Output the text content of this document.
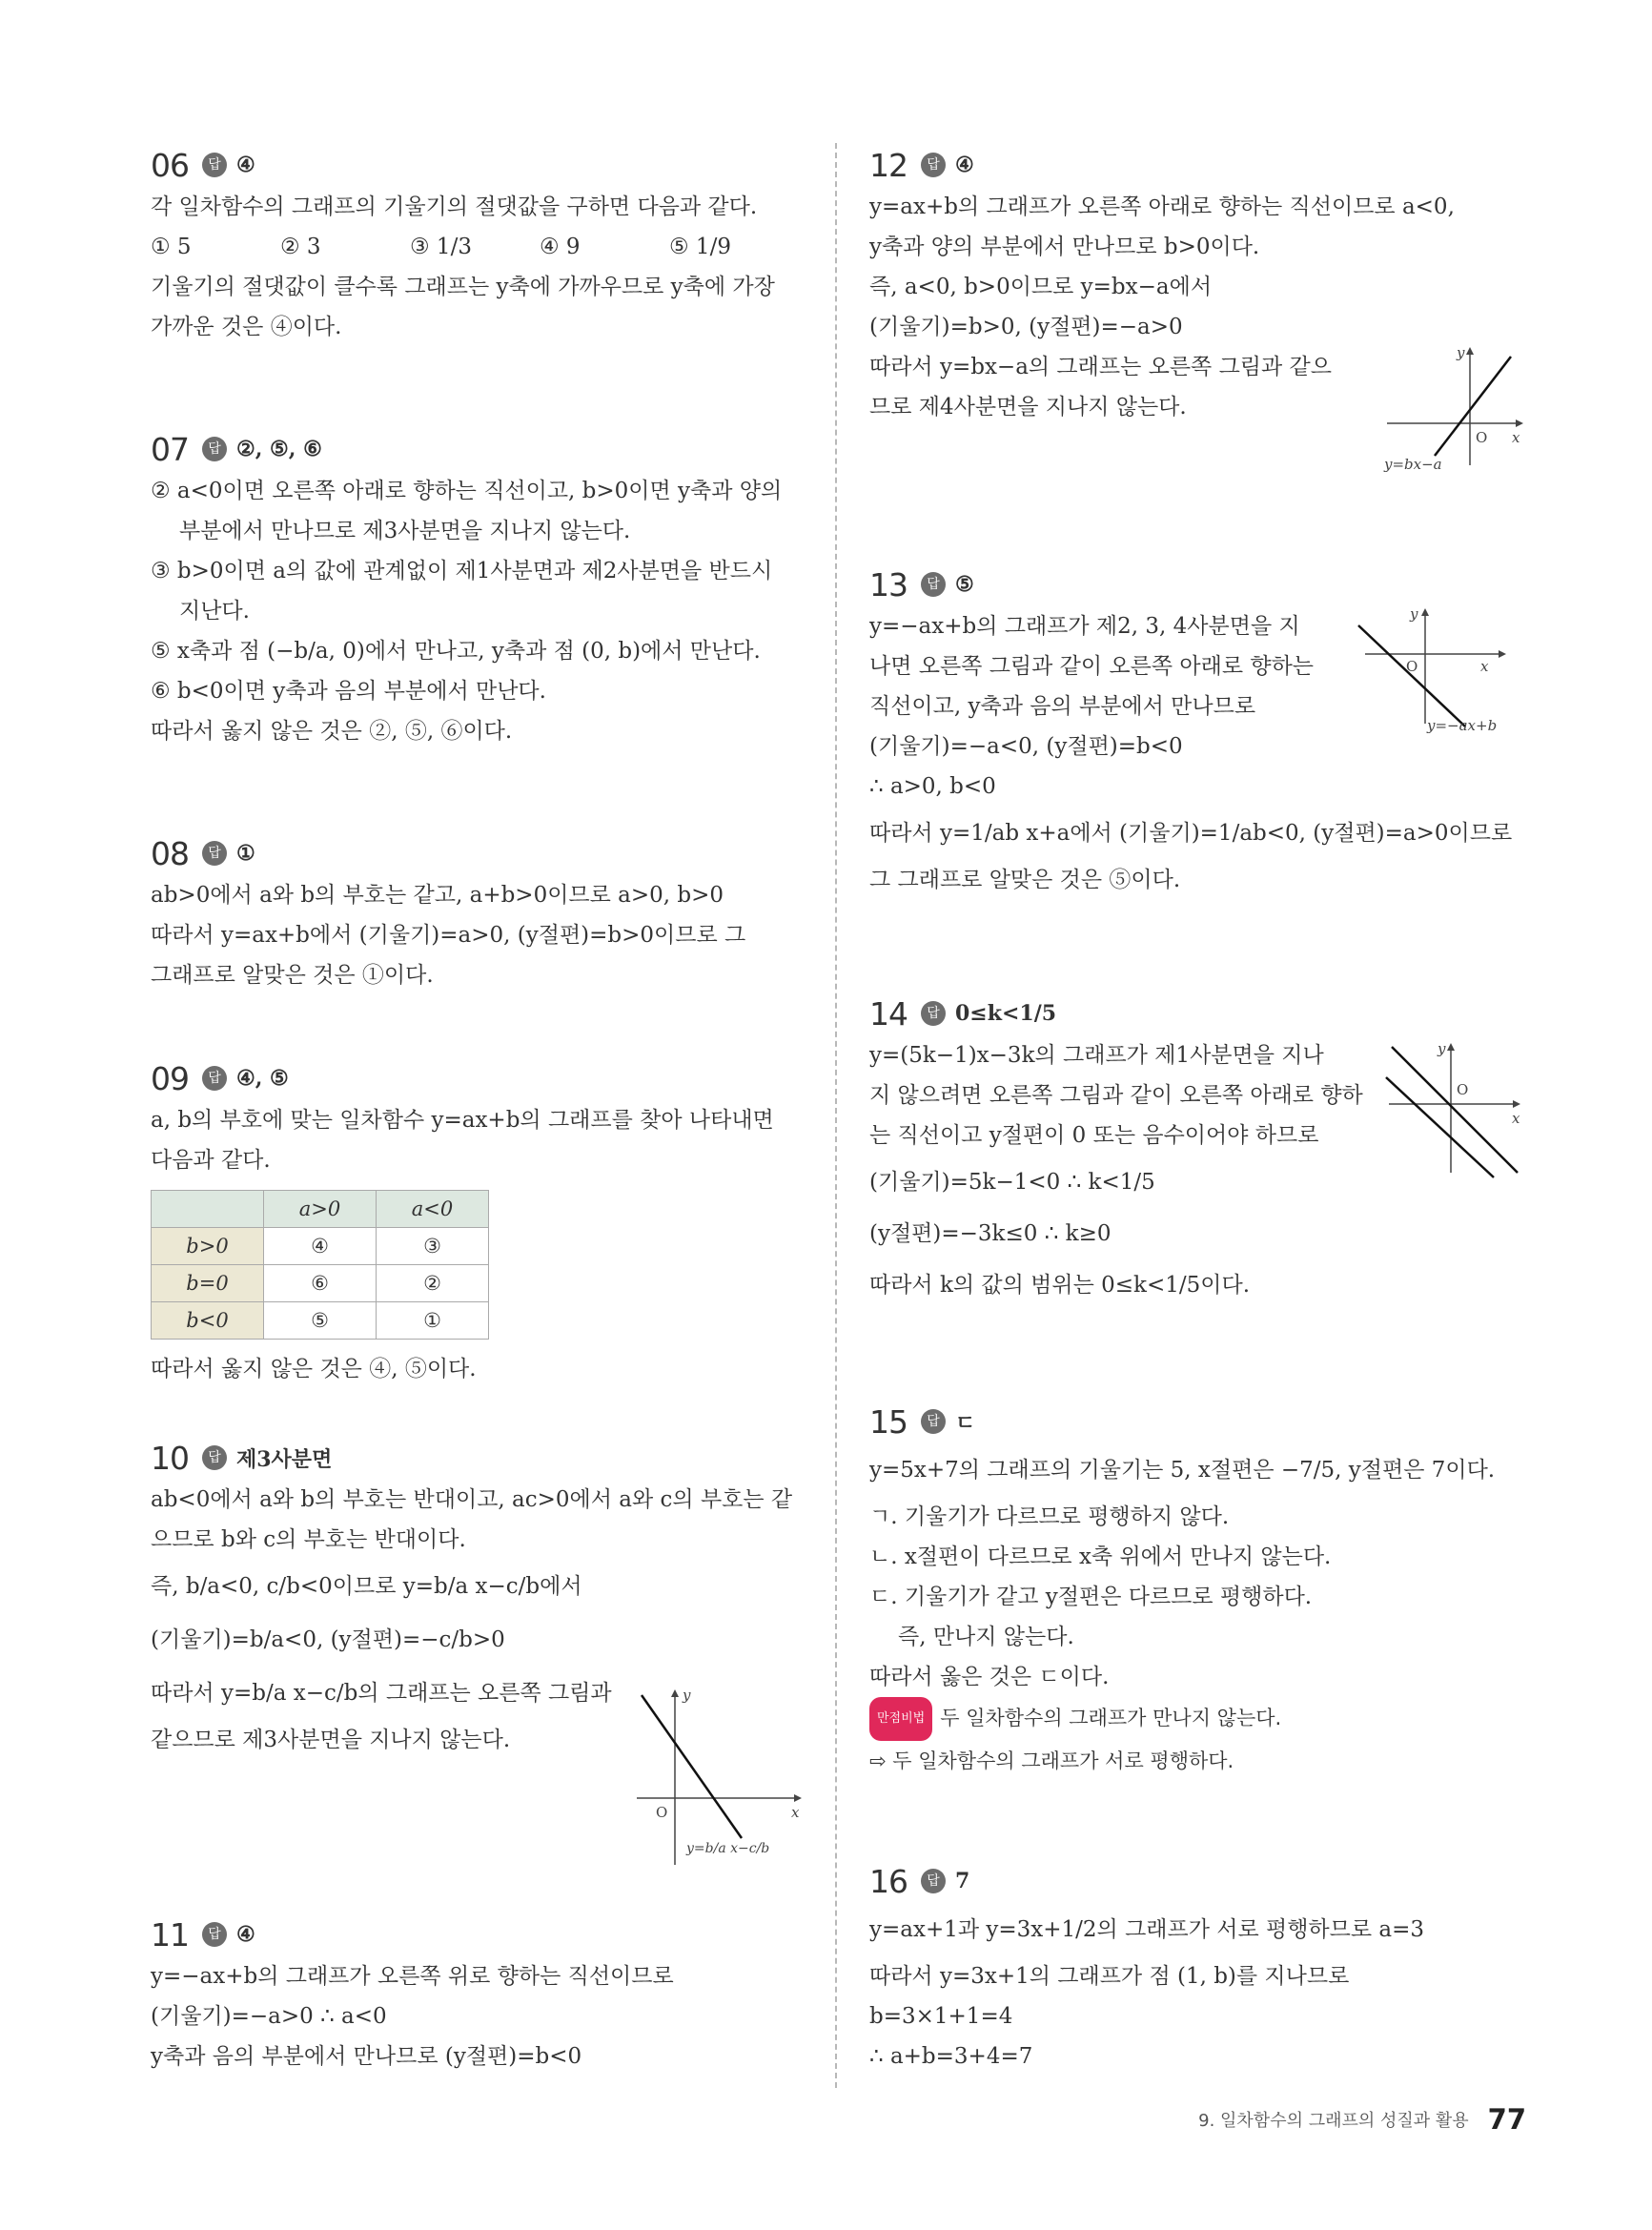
06	답 ④
각 일차함수의 그래프의 기울기의 절댓값을 구하면 다음과 같다.
① 5	② 3	③ 1/3	④ 9	⑤ 1/9
기울기의 절댓값이 클수록 그래프는 y축에 가까우므로 y축에 가장
가까운 것은 ④이다.
07	답 ②, ⑤, ⑥
② a<0이면 오른쪽 아래로 향하는 직선이고, b>0이면 y축과 양의
부분에서 만나므로 제3사분면을 지나지 않는다.
③ b>0이면 a의 값에 관계없이 제1사분면과 제2사분면을 반드시
지난다.
⑤ x축과 점 (−b/a, 0)에서 만나고, y축과 점 (0, b)에서 만난다.
⑥ b<0이면 y축과 음의 부분에서 만난다.
따라서 옳지 않은 것은 ②, ⑤, ⑥이다.
08	답 ①
ab>0에서 a와 b의 부호는 같고, a+b>0이므로 a>0, b>0
따라서 y=ax+b에서 (기울기)=a>0, (y절편)=b>0이므로 그
그래프로 알맞은 것은 ①이다.
09	답 ④, ⑤
a, b의 부호에 맞는 일차함수 y=ax+b의 그래프를 찾아 나타내면
다음과 같다.
	a>0	a<0
b>0	④	③
b=0	⑥	②
b<0	⑤	①
따라서 옳지 않은 것은 ④, ⑤이다.
10	답 제3사분면
ab<0에서 a와 b의 부호는 반대이고, ac>0에서 a와 c의 부호는 같
으므로 b와 c의 부호는 반대이다.
즉, b/a<0, c/b<0이므로 y=b/a x−c/b에서
(기울기)=b/a<0, (y절편)=−c/b>0
따라서 y=b/a x−c/b의 그래프는 오른쪽 그림과
같으므로 제3사분면을 지나지 않는다.
y
x
O
y=b/a x−c/b
11	답 ④
y=−ax+b의 그래프가 오른쪽 위로 향하는 직선이므로
(기울기)=−a>0 ∴ a<0
y축과 음의 부분에서 만나므로 (y절편)=b<0
12	답 ④
y=ax+b의 그래프가 오른쪽 아래로 향하는 직선이므로 a<0,
y축과 양의 부분에서 만나므로 b>0이다.
즉, a<0, b>0이므로 y=bx−a에서
(기울기)=b>0, (y절편)=−a>0
따라서 y=bx−a의 그래프는 오른쪽 그림과 같으
므로 제4사분면을 지나지 않는다.
y
x
O
y=bx−a
13	답 ⑤
y=−ax+b의 그래프가 제2, 3, 4사분면을 지
나면 오른쪽 그림과 같이 오른쪽 아래로 향하는
직선이고, y축과 음의 부분에서 만나므로
(기울기)=−a<0, (y절편)=b<0
∴ a>0, b<0
따라서 y=1/ab x+a에서 (기울기)=1/ab<0, (y절편)=a>0이므로
그 그래프로 알맞은 것은 ⑤이다.
y
x
O
y=−ax+b
14	답 0≤k<1/5
y=(5k−1)x−3k의 그래프가 제1사분면을 지나
지 않으려면 오른쪽 그림과 같이 오른쪽 아래로 향하
는 직선이고 y절편이 0 또는 음수이어야 하므로
(기울기)=5k−1<0 ∴ k<1/5
(y절편)=−3k≤0 ∴ k≥0
따라서 k의 값의 범위는 0≤k<1/5이다.
y
x
O
15	답 ㄷ
y=5x+7의 그래프의 기울기는 5, x절편은 −7/5, y절편은 7이다.
ㄱ. 기울기가 다르므로 평행하지 않다.
ㄴ. x절편이 다르므로 x축 위에서 만나지 않는다.
ㄷ. 기울기가 같고 y절편은 다르므로 평행하다.
즉, 만나지 않는다.
따라서 옳은 것은 ㄷ이다.
만점비법 두 일차함수의 그래프가 만나지 않는다.
⇨ 두 일차함수의 그래프가 서로 평행하다.
16	답 7
y=ax+1과 y=3x+1/2의 그래프가 서로 평행하므로 a=3
따라서 y=3x+1의 그래프가 점 (1, b)를 지나므로
b=3×1+1=4
∴ a+b=3+4=7
9. 일차함수의 그래프의 성질과 활용 77
